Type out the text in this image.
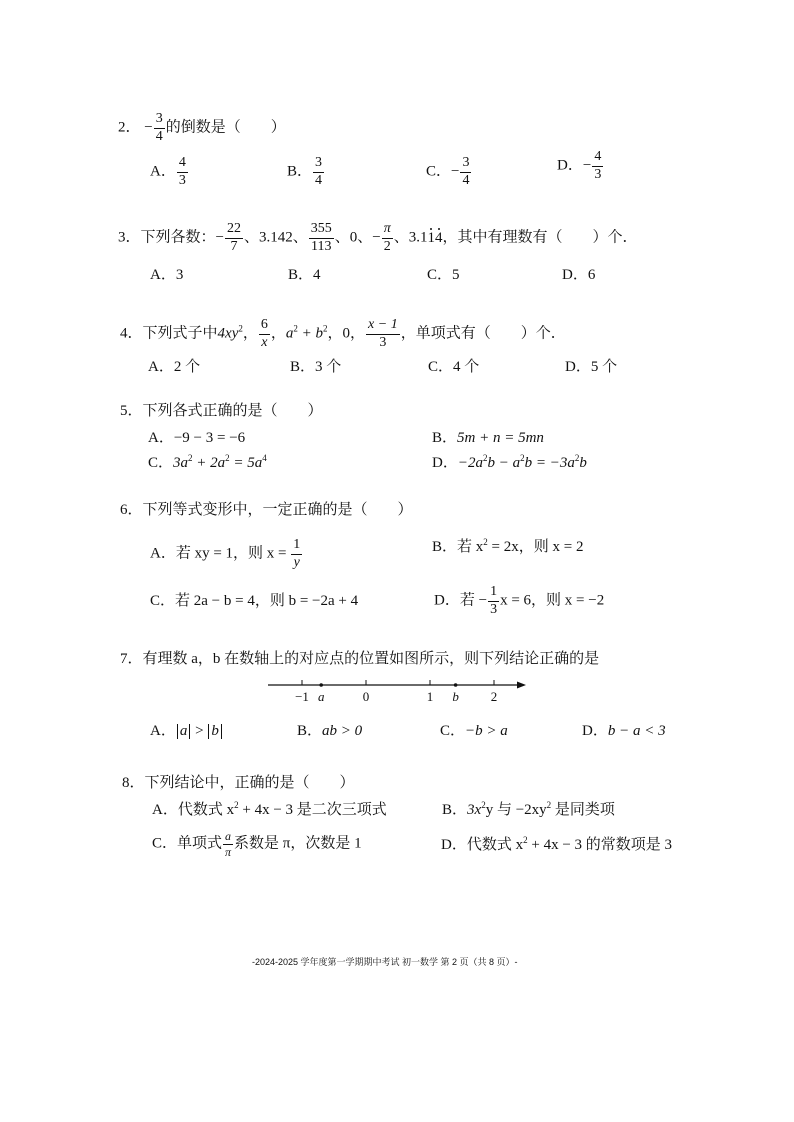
2． − $\frac{3}{4}$ 的倒数是（　　）
A． $\frac{4}{3}$	B． $\frac{3}{4}$	C．− $\frac{3}{4}$	D．− $\frac{4}{3}$
3．下列各数：− $\frac{22}{7}$ 、3.142、 $\frac{355}{113}$ 、0、− $\frac{\pi}{2}$ 、3.114，其中有理数有（　　）个．
A．3	B．4	C．5	D．6
4．下列式子中$4xy^2$， $\frac{6}{x}$ ，$a^2 + b^2$，0， $\frac{x - 1}{3}$ ，单项式有（　　）个．
A．2 个	B．3 个	C．4 个	D．5 个
5．下列各式正确的是（　　）
A．−9 − 3 = −6	B．5m + n = 5mn
C．$3a^2 + 2a^2 = 5a^4$	D．$-2a^2b - a^2b = -3a^2b$
6．下列等式变形中，一定正确的是（　　）
A．若 xy = 1，则 $x = \frac{1}{y}$	B．若 $x^2 = 2x$，则 x = 2
C．若 2a − b = 4，则 b = −2a + 4	D．若 − $\frac{1}{3}$ x = 6，则 x = −2
7．有理数 a，b 在数轴上的对应点的位置如图所示，则下列结论正确的是
−1 a	0	1 b 2
A． a > b	B．ab > 0	C．−b > a	D．b − a < 3
8．下列结论中，正确的是（　　）
A．代数式 $x^2 + 4x - 3$ 是二次三项式	B．$3x^2y$ 与 $-2xy^2$ 是同类项
C．单项式 $\frac{a}{\pi}$ 系数是 π，次数是 1	D．代数式 $x^2 + 4x - 3$ 的常数项是 3
-2024-2025 学年度第一学期期中考试 初一数学 第 2 页（共 8 页）-
